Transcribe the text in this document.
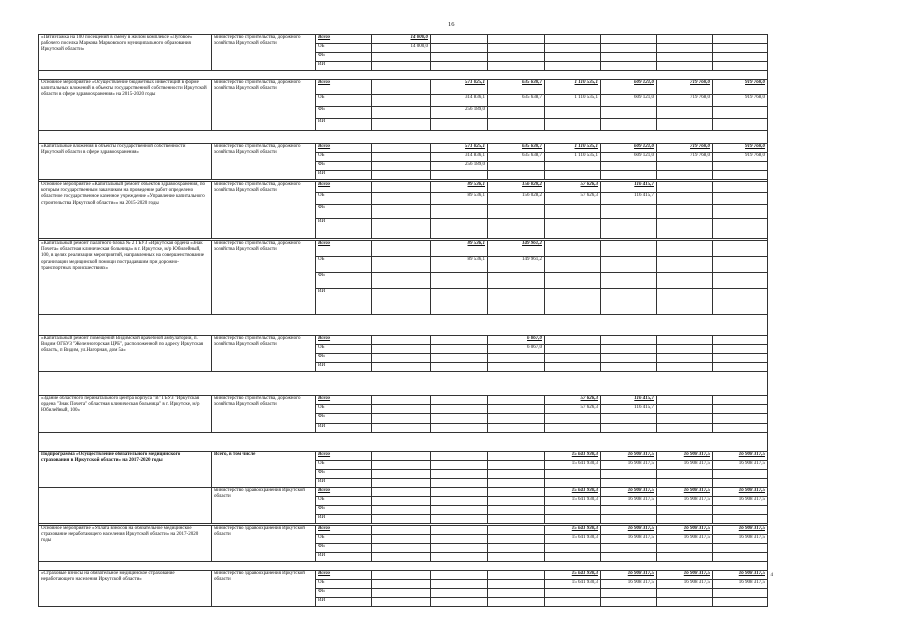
16
«Пятиэтажка на 100 посещений в смену в жилом комплексе «Луговое» рабочего поселка Маркова Марковского муниципального образования Иркутской области»	министерство строительства, дорожного хозяйства Иркутской области	Всего	14 000,0						
		ОБ	14 000,0						
		ФБ							
		ИИ							

Основное мероприятие «Осуществление бюджетных инвестиций в форме капитальных вложений в объекты государственной собственности Иркутской области в сфере здравоохранения» на 2015-2020 годы	министерство строительства, дорожного хозяйства Иркутской области	Всего		571 025,1	635 638,7	1 110 535,1	609 121,0	719 768,0	919 768,0
		ОБ		314 836,1	635 638,7	1 110 535,1	609 121,0	719 768,0	919 768,0
		ФБ		256 189,0					
		ИИ							

«Капитальные вложения в объекты государственной собственности Иркутской области в сфере здравоохранения»	министерство строительства, дорожного хозяйства Иркутской области	Всего		571 025,1	635 638,7	1 110 535,1	609 121,0	719 768,0	919 768,0
		ОБ		314 836,1	635 638,7	1 110 535,1	609 121,0	719 768,0	919 768,0
		ФБ		256 189,0					
		ИИ							

Основное мероприятие «Капитальный ремонт объектов здравоохранения, по которым государственным заказчиком на проведение работ определено областное государственное казенное учреждение «Управление капитального строительства Иркутской области»» на 2015-2020 годы	министерство строительства, дорожного хозяйства Иркутской области	Всего		89 536,1	156 028,2	57 626,3	116 415,7		
		ОБ		89 536,1	156 028,2	57 626,3	116 415,7		
		ФБ							
		ИИ							

«Капитальный ремонт палатного блока № 2 ГБУЗ «Иркутская ордена «Знак Почета» областная клиническая больница» в г. Иркутске, м/р Юбилейный, 100, в целях реализации мероприятий, направленных на совершенствование организации медицинской помощи пострадавшим при дорожно-транспортных происшествиях»	министерство строительства, дорожного хозяйства Иркутской области	Всего		89 536,1	149 961,2				
		ОБ		89 536,1	149 961,2				
		ФБ							
		ИИ							

«Капитальный ремонт помещений Видимской врачебной амбулатории, п. Видим ОГБУЗ "Железногорская ЦРБ", расположенной по адресу Иркутская область, п Видим, ул.Нагорная, дом 5а»	министерство строительства, дорожного хозяйства Иркутской области	Всего			6 067,0				
		ОБ			6 067,0				
		ФБ							
		ИИ							

«Здание областного перинатального центра корпуса "В" ГБУЗ "Иркутская ордена "Знак Почета" областная клиническая больница" в г. Иркутске, м/р Юбилейный, 100»	министерство строительства, дорожного хозяйства Иркутской области	Всего				57 626,3	116 415,7		
		ОБ				57 626,3	116 415,7		
		ФБ							
		ИИ							

Подпрограмма «Осуществление обязательного медицинского страхования в Иркутской области» на 2017-2020 годы	Всего, в том числе	Всего				15 641 930,3	16 908 317,5	16 908 317,5	16 908 317,5
		ОБ				15 641 930,3	16 908 317,5	16 908 317,5	16 908 317,5
		ФБ							
		ИИ							
	министерство здравоохранения Иркутской области	Всего				15 641 930,3	16 908 317,5	16 908 317,5	16 908 317,5
		ОБ				15 641 930,3	16 908 317,5	16 908 317,5	16 908 317,5
		ФБ							
		ИИ							

Основное мероприятие «Уплата взносов на обязательное медицинское страхование неработающего населения Иркутской области» на 2017-2020 годы	министерство здравоохранения Иркутской области	Всего				15 641 930,3	16 908 317,5	16 908 317,5	16 908 317,5
		ОБ				15 641 930,3	16 908 317,5	16 908 317,5	16 908 317,5
		ФБ							
		ИИ							

«Страховые взносы на обязательное медицинское страхование неработающего населения Иркутской области»	министерство здравоохранения Иркутской области	Всего				15 641 930,3	16 908 317,5	16 908 317,5	16 908 317,5
		ОБ				15 641 930,3	16 908 317,5	16 908 317,5	16 908 317,5
		ФБ							
		ИИ							
4
